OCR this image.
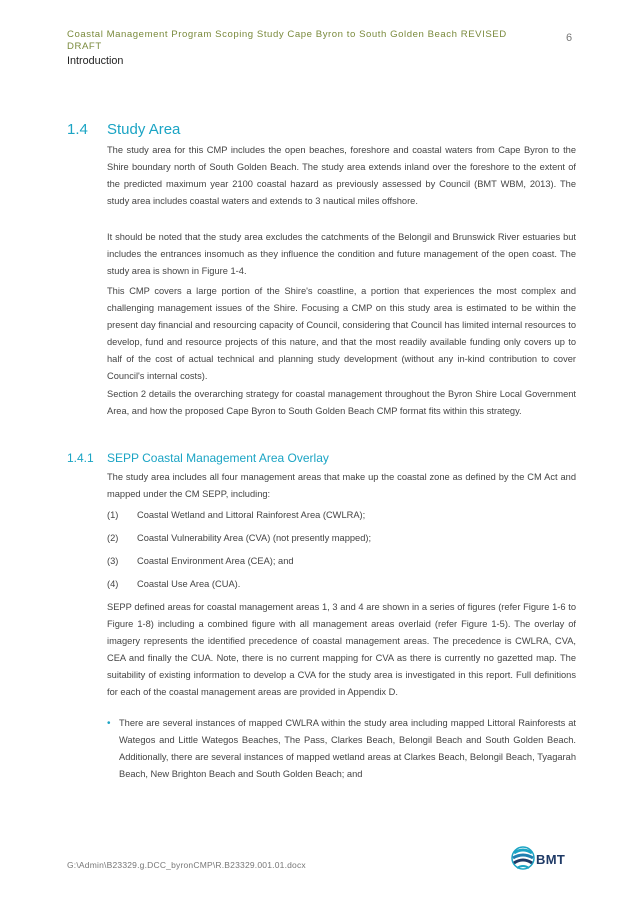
Coastal Management Program Scoping Study Cape Byron to South Golden Beach REVISED DRAFT
6
Introduction
1.4 Study Area

The study area for this CMP includes the open beaches, foreshore and coastal waters from Cape Byron to the Shire boundary north of South Golden Beach. The study area extends inland over the foreshore to the extent of the predicted maximum year 2100 coastal hazard as previously assessed by Council (BMT WBM, 2013). The study area includes coastal waters and extends to 3 nautical miles offshore.

It should be noted that the study area excludes the catchments of the Belongil and Brunswick River estuaries but includes the entrances insomuch as they influence the condition and future management of the open coast. The study area is shown in Figure 1-4.

This CMP covers a large portion of the Shire's coastline, a portion that experiences the most complex and challenging management issues of the Shire. Focusing a CMP on this study area is estimated to be within the present day financial and resourcing capacity of Council, considering that Council has limited internal resources to develop, fund and resource projects of this nature, and that the most readily available funding only covers up to half of the cost of actual technical and planning study development (without any in-kind contribution to cover Council's internal costs).

Section 2 details the overarching strategy for coastal management throughout the Byron Shire Local Government Area, and how the proposed Cape Byron to South Golden Beach CMP format fits within this strategy.

1.4.1 SEPP Coastal Management Area Overlay

The study area includes all four management areas that make up the coastal zone as defined by the CM Act and mapped under the CM SEPP, including:

(1) Coastal Wetland and Littoral Rainforest Area (CWLRA);
(2) Coastal Vulnerability Area (CVA) (not presently mapped);
(3) Coastal Environment Area (CEA); and
(4) Coastal Use Area (CUA).

SEPP defined areas for coastal management areas 1, 3 and 4 are shown in a series of figures (refer Figure 1-6 to Figure 1-8) including a combined figure with all management areas overlaid (refer Figure 1-5). The overlay of imagery represents the identified precedence of coastal management areas. The precedence is CWLRA, CVA, CEA and finally the CUA. Note, there is no current mapping for CVA as there is currently no gazetted map. The suitability of existing information to develop a CVA for the study area is investigated in this report. Full definitions for each of the coastal management areas are provided in Appendix D.

• There are several instances of mapped CWLRA within the study area including mapped Littoral Rainforests at Wategos and Little Wategos Beaches, The Pass, Clarkes Beach, Belongil Beach and South Golden Beach. Additionally, there are several instances of mapped wetland areas at Clarkes Beach, Belongil Beach, Tyagarah Beach, New Brighton Beach and South Golden Beach; and

G:\Admin\B23329.g.DCC_byronCMP\R.B23329.001.01.docx	BMT
